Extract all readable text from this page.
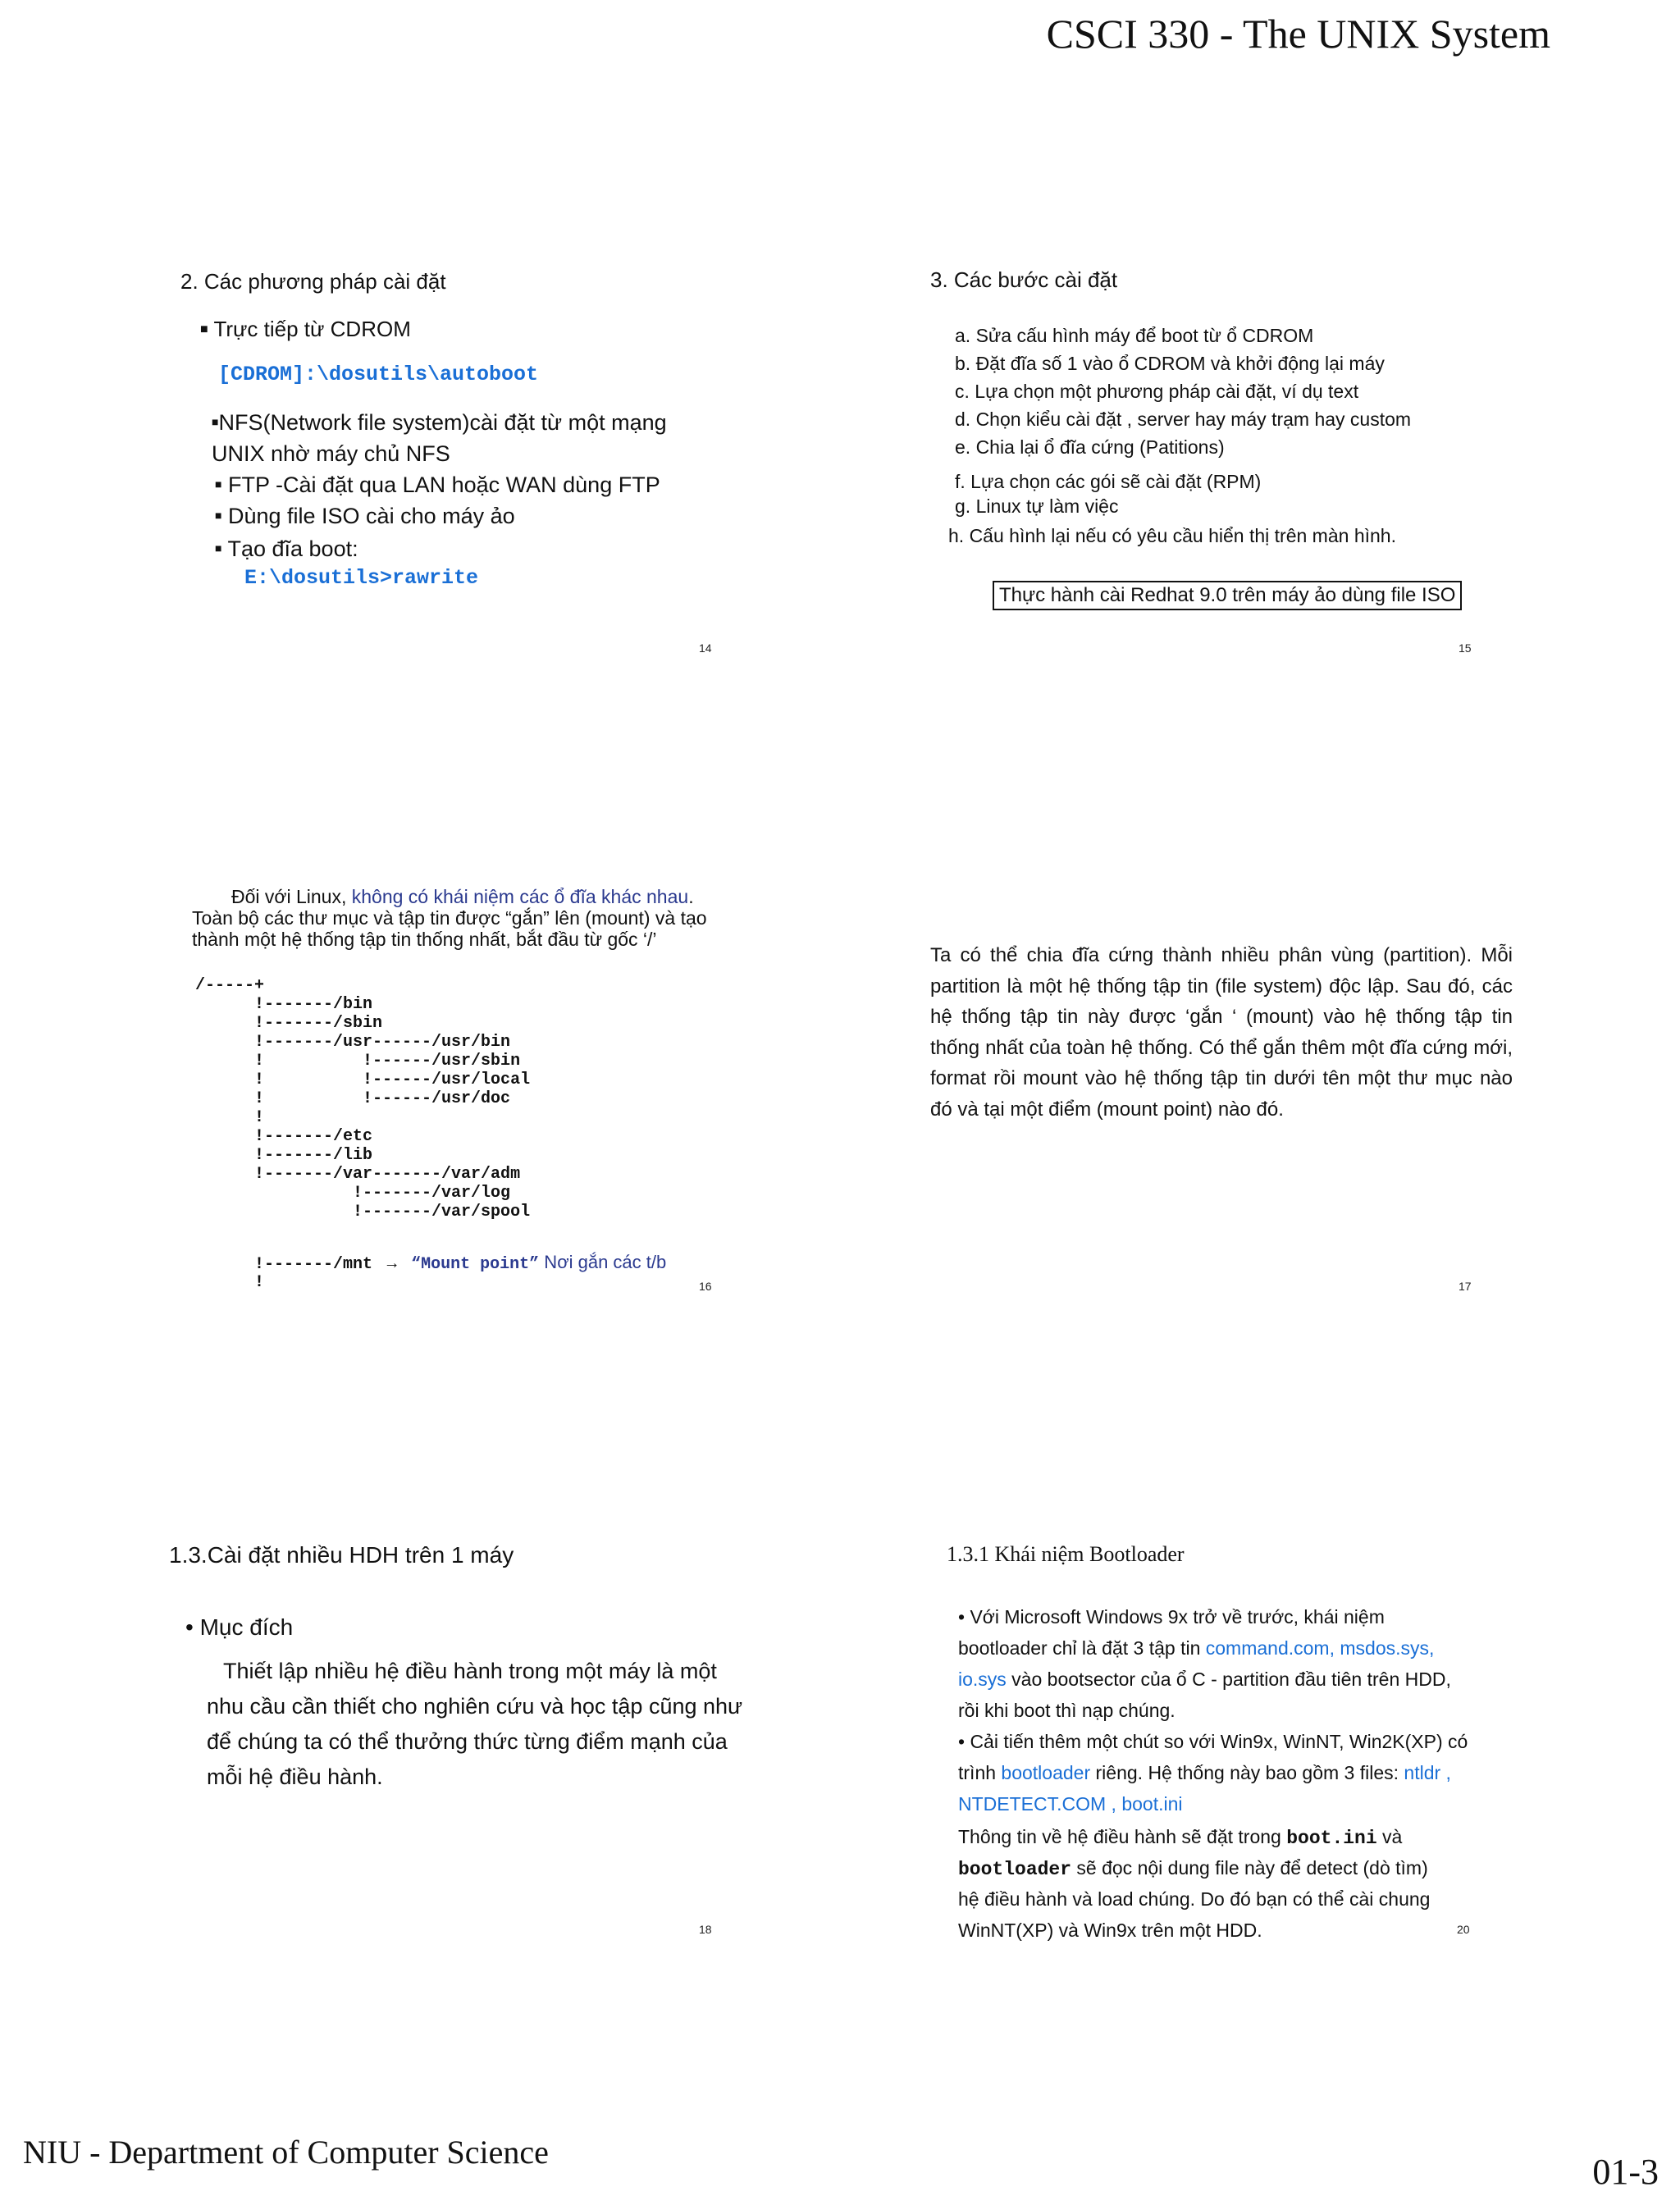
CSCI 330 - The UNIX System
2. Các phương pháp cài đặt
■ Trực tiếp từ CDROM
[CDROM]:\dosutils\autoboot
■NFS(Network file system)cài đặt từ một mạng
UNIX nhờ máy chủ NFS
■ FTP -Cài đặt qua LAN hoặc WAN dùng FTP
■ Dùng file ISO cài cho máy ảo
■ Tạo đĩa boot:
E:\dosutils>rawrite
14
3. Các bước cài đặt
a. Sửa cấu hình máy để boot từ ổ CDROM
b. Đặt đĩa số 1 vào ổ CDROM và khởi động lại máy
c. Lựa chọn một phương pháp cài đặt, ví dụ text
d. Chọn kiểu cài đặt , server hay máy trạm hay custom
e. Chia lại ổ đĩa cứng (Patitions)
f. Lựa chọn các gói sẽ cài đặt (RPM)
g. Linux tự làm việc
h. Cấu hình lại nếu có yêu cầu hiển thị trên màn hình.
Thực hành cài Redhat 9.0 trên máy ảo dùng file ISO
15
Đối với Linux, không có khái niệm các ổ đĩa khác nhau.
Toàn bộ các thư mục và tập tin được “gắn” lên (mount) và tạo
thành một hệ thống tập tin thống nhất, bắt đầu từ gốc ‘/’
/-----+
!-------/bin
!-------/sbin
!-------/usr------/usr/bin
!          !------/usr/sbin
!          !------/usr/local
!          !------/usr/doc
!
!-------/etc
!-------/lib
!-------/var-------/var/adm
!-------/var/log
!-------/var/spool
!-------/mnt → “Mount point” Nơi gắn các t/b
!	16
Ta có thể chia đĩa cứng thành nhiều phân vùng (partition). Mỗi partition là một hệ thống tập tin (file system) độc lập. Sau đó, các hệ thống tập tin này được ‘gắn ‘ (mount) vào hệ thống tập tin thống nhất của toàn hệ thống. Có thể gắn thêm một đĩa cứng mới, format rồi mount vào hệ thống tập tin dưới tên một thư mục nào đó và tại một điểm (mount point) nào đó.
17
1.3.Cài đặt nhiều HDH trên 1 máy
• Mục đích
Thiết lập nhiều hệ điều hành trong một máy là một
nhu cầu cần thiết cho nghiên cứu và học tập cũng như
để chúng ta có thể thưởng thức từng điểm mạnh của
mỗi hệ điều hành.
18
1.3.1 Khái niệm Bootloader
• Với Microsoft Windows 9x trở về trước, khái niệm
bootloader chỉ là đặt 3 tập tin command.com, msdos.sys,
io.sys vào bootsector của ổ C - partition đầu tiên trên HDD,
rồi khi boot thì nạp chúng.
• Cải tiến thêm một chút so với Win9x, WinNT, Win2K(XP) có
trình bootloader riêng. Hệ thống này bao gồm 3 files: ntldr ,
NTDETECT.COM , boot.ini
Thông tin về hệ điều hành sẽ đặt trong boot.ini và
bootloader sẽ đọc nội dung file này để detect (dò tìm)
hệ điều hành và load chúng. Do đó bạn có thể cài chung
WinNT(XP) và Win9x trên một HDD.	20
NIU - Department of Computer Science	01-3
